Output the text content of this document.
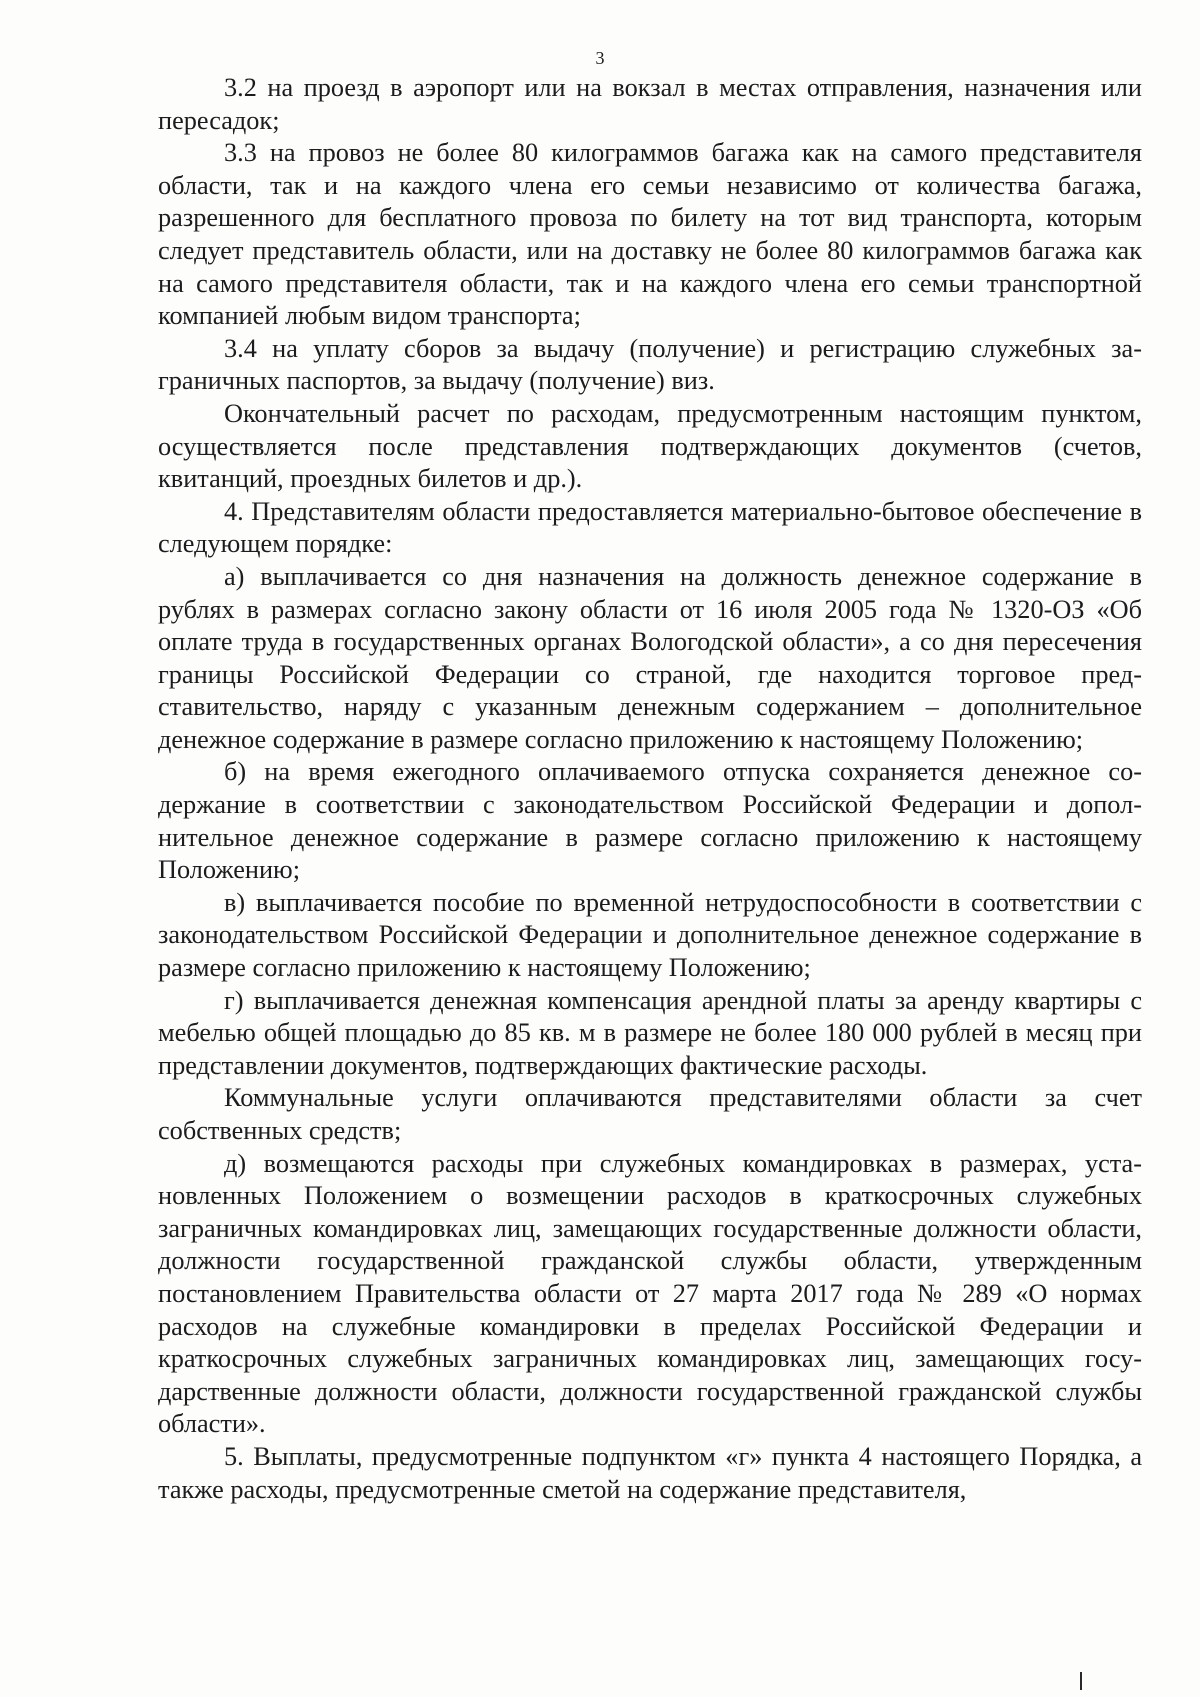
3

3.2 на проезд в аэропорт или на вокзал в местах отправления, назначения или пересадок;

3.3 на провоз не более 80 килограммов багажа как на самого представителя области, так и на каждого члена его семьи независимо от количества багажа, разрешенного для бесплатного провоза по билету на тот вид транспорта, которым следует представитель области, или на доставку не более 80 килограммов багажа как на самого представителя области, так и на каждого члена его семьи транспортной компанией любым видом транспорта;

3.4 на уплату сборов за выдачу (получение) и регистрацию служебных заграничных паспортов, за выдачу (получение) виз.

Окончательный расчет по расходам, предусмотренным настоящим пунктом, осуществляется после представления подтверждающих документов (счетов, квитанций, проездных билетов и др.).

4. Представителям области предоставляется материально-бытовое обеспечение в следующем порядке:

а) выплачивается со дня назначения на должность денежное содержание в рублях в размерах согласно закону области от 16 июля 2005 года № 1320-ОЗ «Об оплате труда в государственных органах Вологодской области», а со дня пересечения границы Российской Федерации со страной, где находится торговое представительство, наряду с указанным денежным содержанием – дополнительное денежное содержание в размере согласно приложению к настоящему Положению;

б) на время ежегодного оплачиваемого отпуска сохраняется денежное содержание в соответствии с законодательством Российской Федерации и дополнительное денежное содержание в размере согласно приложению к настоящему Положению;

в) выплачивается пособие по временной нетрудоспособности в соответствии с законодательством Российской Федерации и дополнительное денежное содержание в размере согласно приложению к настоящему Положению;

г) выплачивается денежная компенсация арендной платы за аренду квартиры с мебелью общей площадью до 85 кв. м в размере не более 180 000 рублей в месяц при представлении документов, подтверждающих фактические расходы.

Коммунальные услуги оплачиваются представителями области за счет собственных средств;

д) возмещаются расходы при служебных командировках в размерах, установленных Положением о возмещении расходов в краткосрочных служебных заграничных командировках лиц, замещающих государственные должности области, должности государственной гражданской службы области, утвержденным постановлением Правительства области от 27 марта 2017 года № 289 «О нормах расходов на служебные командировки в пределах Российской Федерации и краткосрочных служебных заграничных командировках лиц, замещающих государственные должности области, должности государственной гражданской службы области».

5. Выплаты, предусмотренные подпунктом «г» пункта 4 настоящего Порядка, а также расходы, предусмотренные сметой на содержание представителя,
